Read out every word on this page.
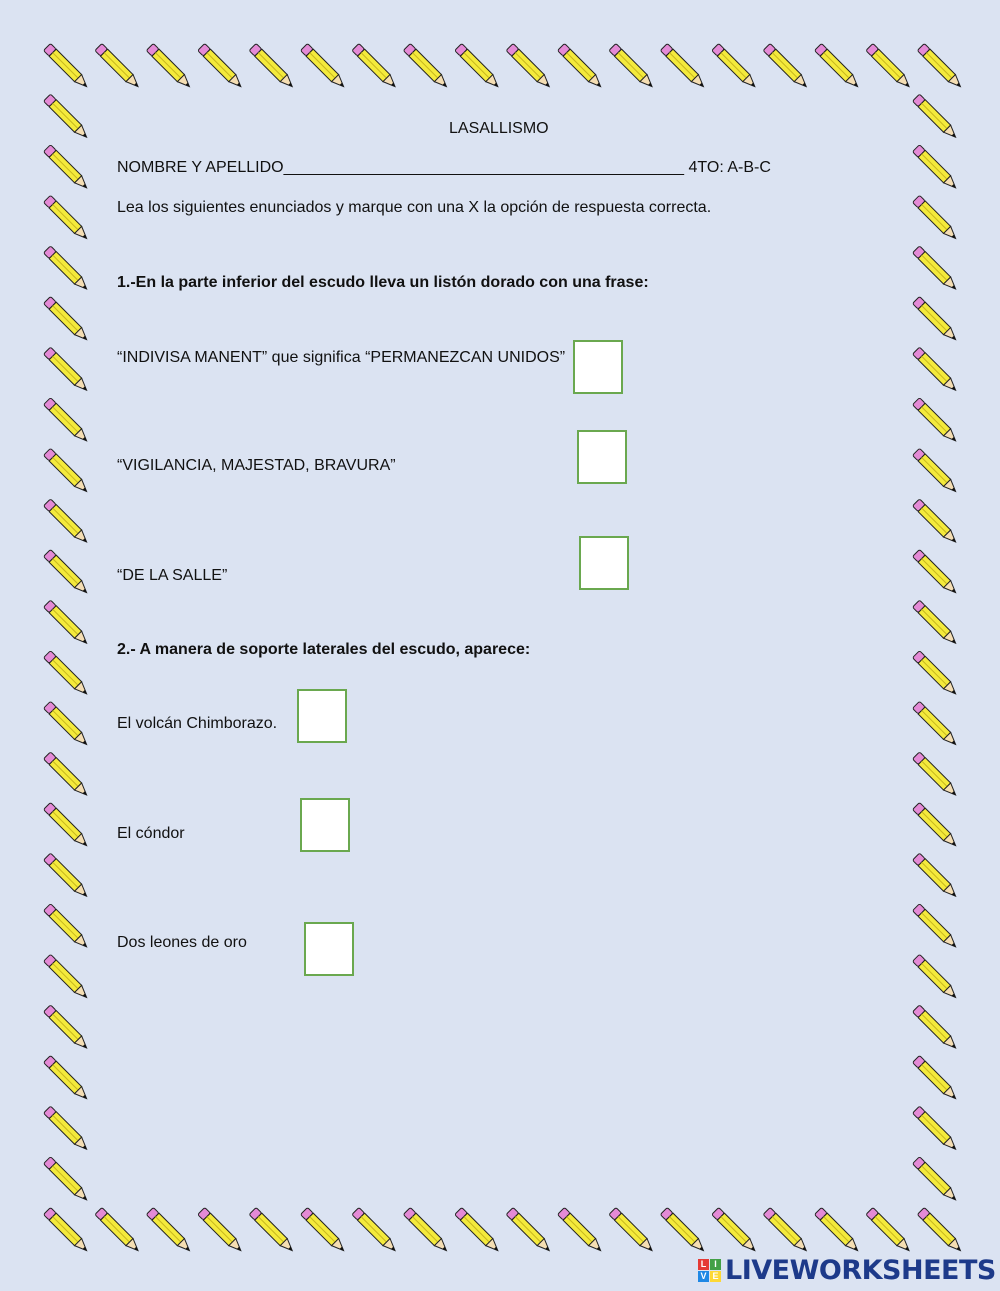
LASALLISMO
NOMBRE Y APELLIDO_____________________________________________ 4TO: A-B-C
Lea los siguientes enunciados y marque con una X la opción de respuesta correcta.
1.-En la parte inferior del escudo lleva un listón dorado con una frase:
“INDIVISA MANENT” que significa “PERMANEZCAN UNIDOS”
“VIGILANCIA, MAJESTAD, BRAVURA”
“DE LA SALLE”
2.- A manera de soporte laterales del escudo, aparece:
El volcán Chimborazo.
El cóndor
Dos leones de oro
L I
V E LIVEWORKSHEETS
